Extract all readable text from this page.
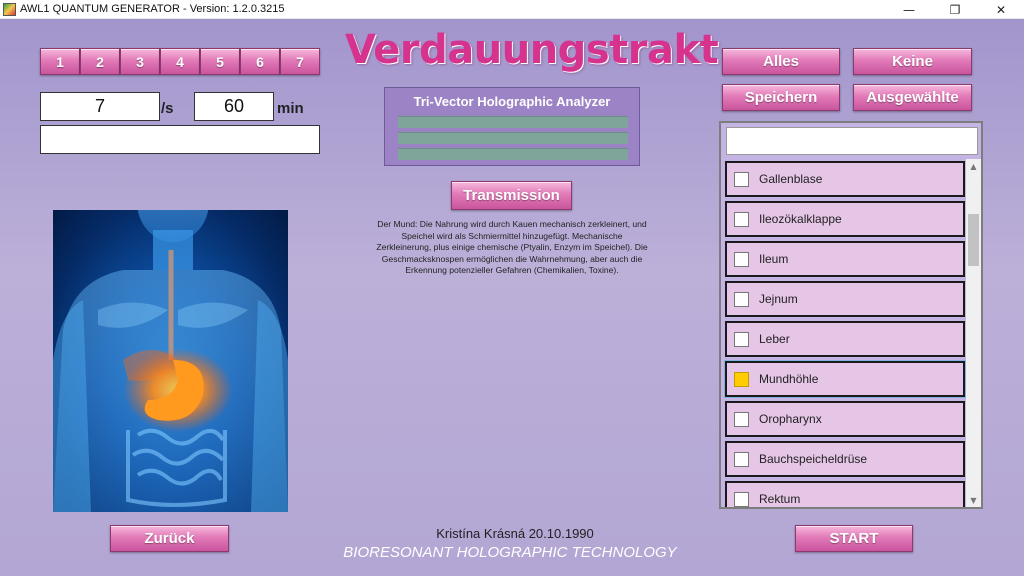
AWL1 QUANTUM GENERATOR - Version: 1.2.0.3215	—	❐	✕
1	2	3	4	5	6	7
7	/s	60	min
Verdauungstrakt
Tri-Vector Holographic Analyzer
Transmission
Der Mund: Die Nahrung wird durch Kauen mechanisch zerkleinert, und Speichel wird als Schmiermittel hinzugefügt. Mechanische Zerkleinerung, plus einige chemische (Ptyalin, Enzym im Speichel). Die Geschmacksknospen ermöglichen die Wahrnehmung, aber auch die Erkennung potenzieller Gefahren (Chemikalien, Toxine).
Zurück	Kristína Krásná 20.10.1990
BIORESONANT HOLOGRAPHIC TECHNOLOGY
Alles	Keine
Speichern	Ausgewählte
Gallenblase
Ileozökalklappe
Ileum
Jejnum
Leber
Mundhöhle
Oropharynx
Bauchspeicheldrüse
Rektum
▲
▼
START
